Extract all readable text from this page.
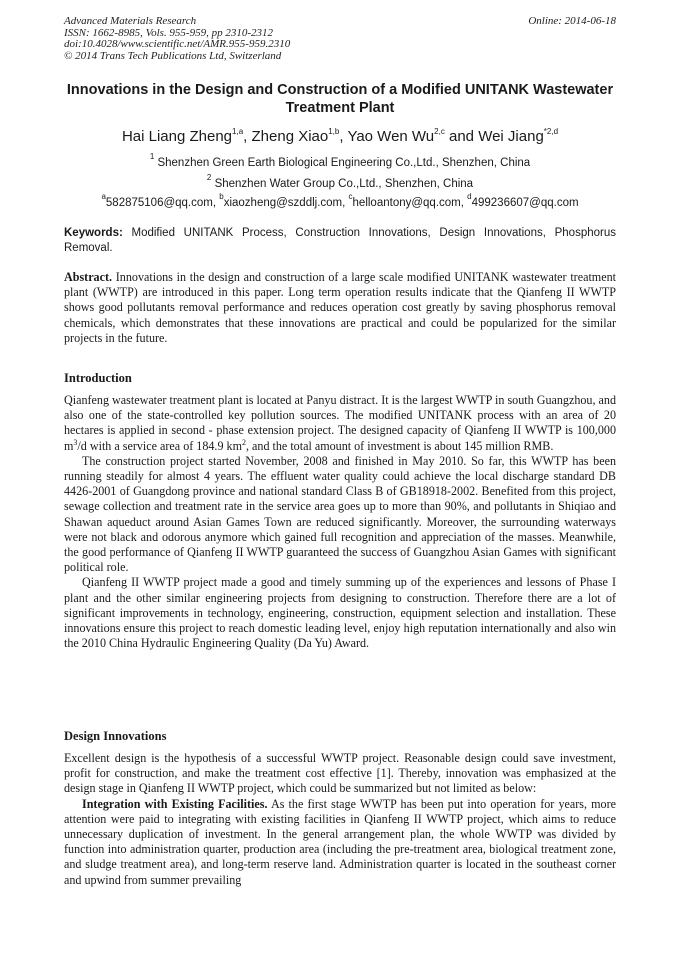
Advanced Materials Research
ISSN: 1662-8985, Vols. 955-959, pp 2310-2312
doi:10.4028/www.scientific.net/AMR.955-959.2310
© 2014 Trans Tech Publications Ltd, Switzerland
Online: 2014-06-18
Innovations in the Design and Construction of a Modified UNITANK Wastewater Treatment Plant
Hai Liang Zheng$^{1,a}$, Zheng Xiao$^{1,b}$, Yao Wen Wu$^{2,c}$ and Wei Jiang$^{*2,d}$
$^1$ Shenzhen Green Earth Biological Engineering Co.,Ltd., Shenzhen, China
$^2$ Shenzhen Water Group Co.,Ltd., Shenzhen, China
$^a$582875106@qq.com, $^b$xiaozheng@szddlj.com, $^c$helloantony@qq.com, $^d$499236607@qq.com
Keywords: Modified UNITANK Process, Construction Innovations, Design Innovations, Phosphorus Removal.

Abstract. Innovations in the design and construction of a large scale modified UNITANK wastewater treatment plant (WWTP) are introduced in this paper. Long term operation results indicate that the Qianfeng II WWTP shows good pollutants removal performance and reduces operation cost greatly by saving phosphorus removal chemicals, which demonstrates that these innovations are practical and could be popularized for the similar projects in the future.

Introduction

Qianfeng wastewater treatment plant is located at Panyu distract. It is the largest WWTP in south Guangzhou, and also one of the state-controlled key pollution sources. The modified UNITANK process with an area of 20 hectares is applied in second - phase extension project. The designed capacity of Qianfeng II WWTP is 100,000 $m^3/d$ with a service area of 184.9 $km^2$, and the total amount of investment is about 145 million RMB.

The construction project started November, 2008 and finished in May 2010. So far, this WWTP has been running steadily for almost 4 years. The effluent water quality could achieve the local discharge standard DB 4426-2001 of Guangdong province and national standard Class B of GB18918-2002. Benefited from this project, sewage collection and treatment rate in the service area goes up to more than 90%, and pollutants in Shiqiao and Shawan aqueduct around Asian Games Town are reduced significantly. Moreover, the surrounding waterways were not black and odorous anymore which gained full recognition and appreciation of the masses. Meanwhile, the good performance of Qianfeng II WWTP guaranteed the success of Guangzhou Asian Games with significant political role.

Qianfeng II WWTP project made a good and timely summing up of the experiences and lessons of Phase I plant and the other similar engineering projects from designing to construction. Therefore there are a lot of significant improvements in technology, engineering, construction, equipment selection and installation. These innovations ensure this project to reach domestic leading level, enjoy high reputation internationally and also win the 2010 China Hydraulic Engineering Quality (Da Yu) Award.

Design Innovations

Excellent design is the hypothesis of a successful WWTP project. Reasonable design could save investment, profit for construction, and make the treatment cost effective [1]. Thereby, innovation was emphasized at the design stage in Qianfeng II WWTP project, which could be summarized but not limited as below:

Integration with Existing Facilities. As the first stage WWTP has been put into operation for years, more attention were paid to integrating with existing facilities in Qianfeng II WWTP project, which aims to reduce unnecessary duplication of investment. In the general arrangement plan, the whole WWTP was divided by function into administration quarter, production area (including the pre-treatment area, biological treatment zone, and sludge treatment area), and long-term reserve land. Administration quarter is located in the southeast corner and upwind from summer prevailing
